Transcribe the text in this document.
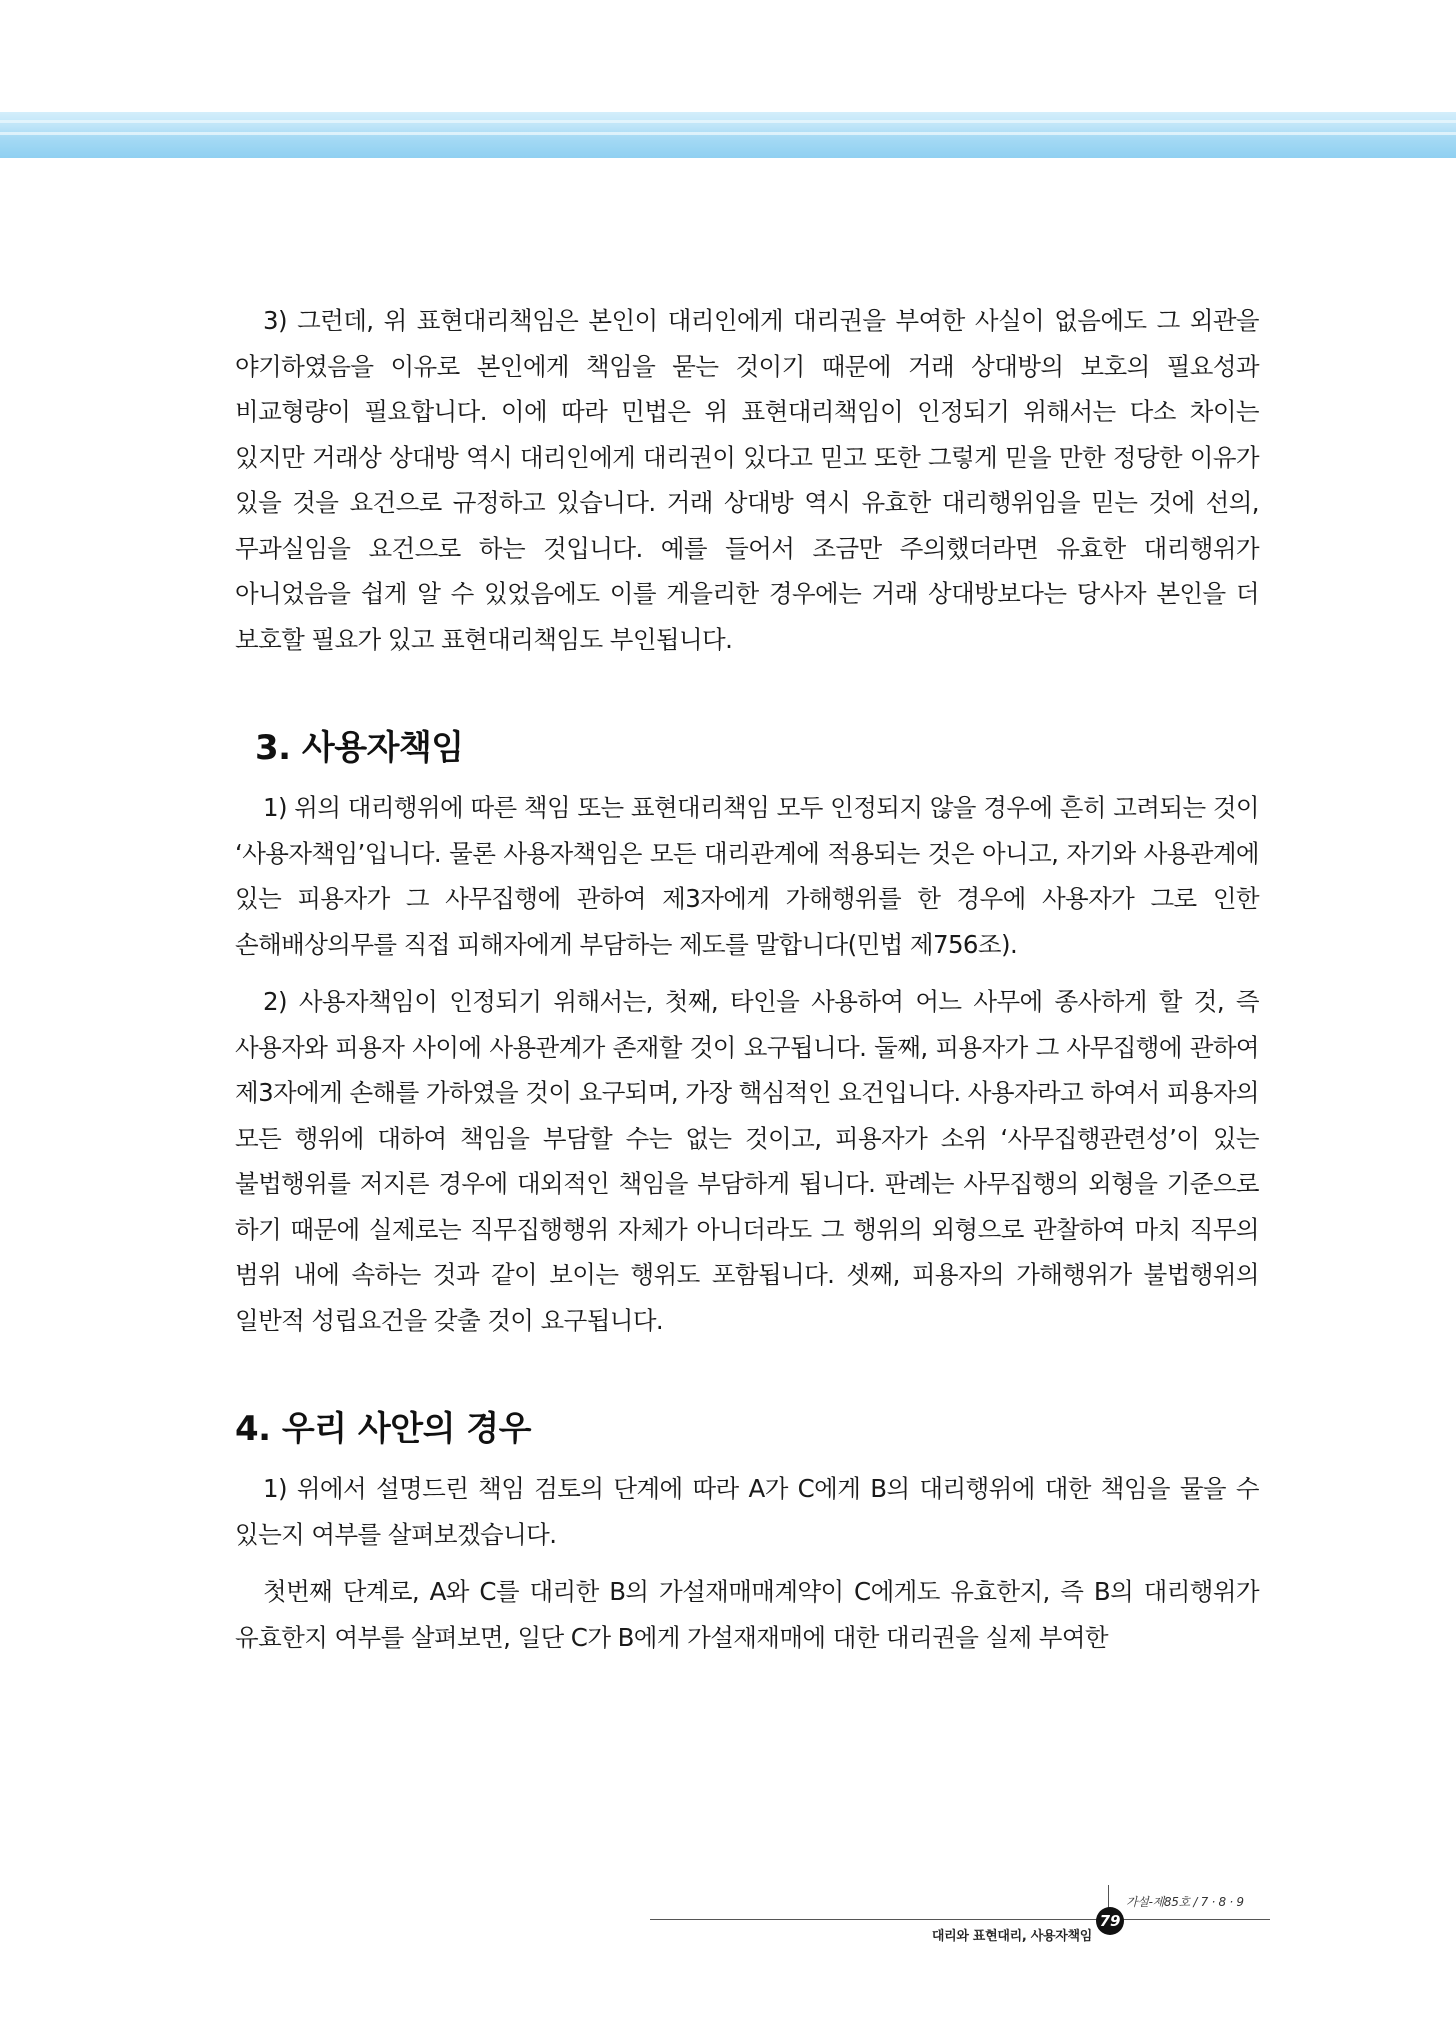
3) 그런데, 위 표현대리책임은 본인이 대리인에게 대리권을 부여한 사실이 없음에도 그 외관을 야기하였음을 이유로 본인에게 책임을 묻는 것이기 때문에 거래 상대방의 보호의 필요성과 비교형량이 필요합니다. 이에 따라 민법은 위 표현대리책임이 인정되기 위해서는 다소 차이는 있지만 거래상 상대방 역시 대리인에게 대리권이 있다고 믿고 또한 그렇게 믿을 만한 정당한 이유가 있을 것을 요건으로 규정하고 있습니다. 거래 상대방 역시 유효한 대리행위임을 믿는 것에 선의, 무과실임을 요건으로 하는 것입니다. 예를 들어서 조금만 주의했더라면 유효한 대리행위가 아니었음을 쉽게 알 수 있었음에도 이를 게을리한 경우에는 거래 상대방보다는 당사자 본인을 더 보호할 필요가 있고 표현대리책임도 부인됩니다.

3. 사용자책임

1) 위의 대리행위에 따른 책임 또는 표현대리책임 모두 인정되지 않을 경우에 흔히 고려되는 것이 ‘사용자책임’입니다. 물론 사용자책임은 모든 대리관계에 적용되는 것은 아니고, 자기와 사용관계에 있는 피용자가 그 사무집행에 관하여 제3자에게 가해행위를 한 경우에 사용자가 그로 인한 손해배상의무를 직접 피해자에게 부담하는 제도를 말합니다(민법 제756조).

2) 사용자책임이 인정되기 위해서는, 첫째, 타인을 사용하여 어느 사무에 종사하게 할 것, 즉 사용자와 피용자 사이에 사용관계가 존재할 것이 요구됩니다. 둘째, 피용자가 그 사무집행에 관하여 제3자에게 손해를 가하였을 것이 요구되며, 가장 핵심적인 요건입니다. 사용자라고 하여서 피용자의 모든 행위에 대하여 책임을 부담할 수는 없는 것이고, 피용자가 소위 ‘사무집행관련성’이 있는 불법행위를 저지른 경우에 대외적인 책임을 부담하게 됩니다. 판례는 사무집행의 외형을 기준으로 하기 때문에 실제로는 직무집행행위 자체가 아니더라도 그 행위의 외형으로 관찰하여 마치 직무의 범위 내에 속하는 것과 같이 보이는 행위도 포함됩니다. 셋째, 피용자의 가해행위가 불법행위의 일반적 성립요건을 갖출 것이 요구됩니다.

4. 우리 사안의 경우

1) 위에서 설명드린 책임 검토의 단계에 따라 A가 C에게 B의 대리행위에 대한 책임을 물을 수 있는지 여부를 살펴보겠습니다.

첫번째 단계로, A와 C를 대리한 B의 가설재매매계약이 C에게도 유효한지, 즉 B의 대리행위가 유효한지 여부를 살펴보면, 일단 C가 B에게 가설재재매에 대한 대리권을 실제 부여한

79
가설-제85호 / 7 · 8 · 9
대리와 표현대리, 사용자책임
